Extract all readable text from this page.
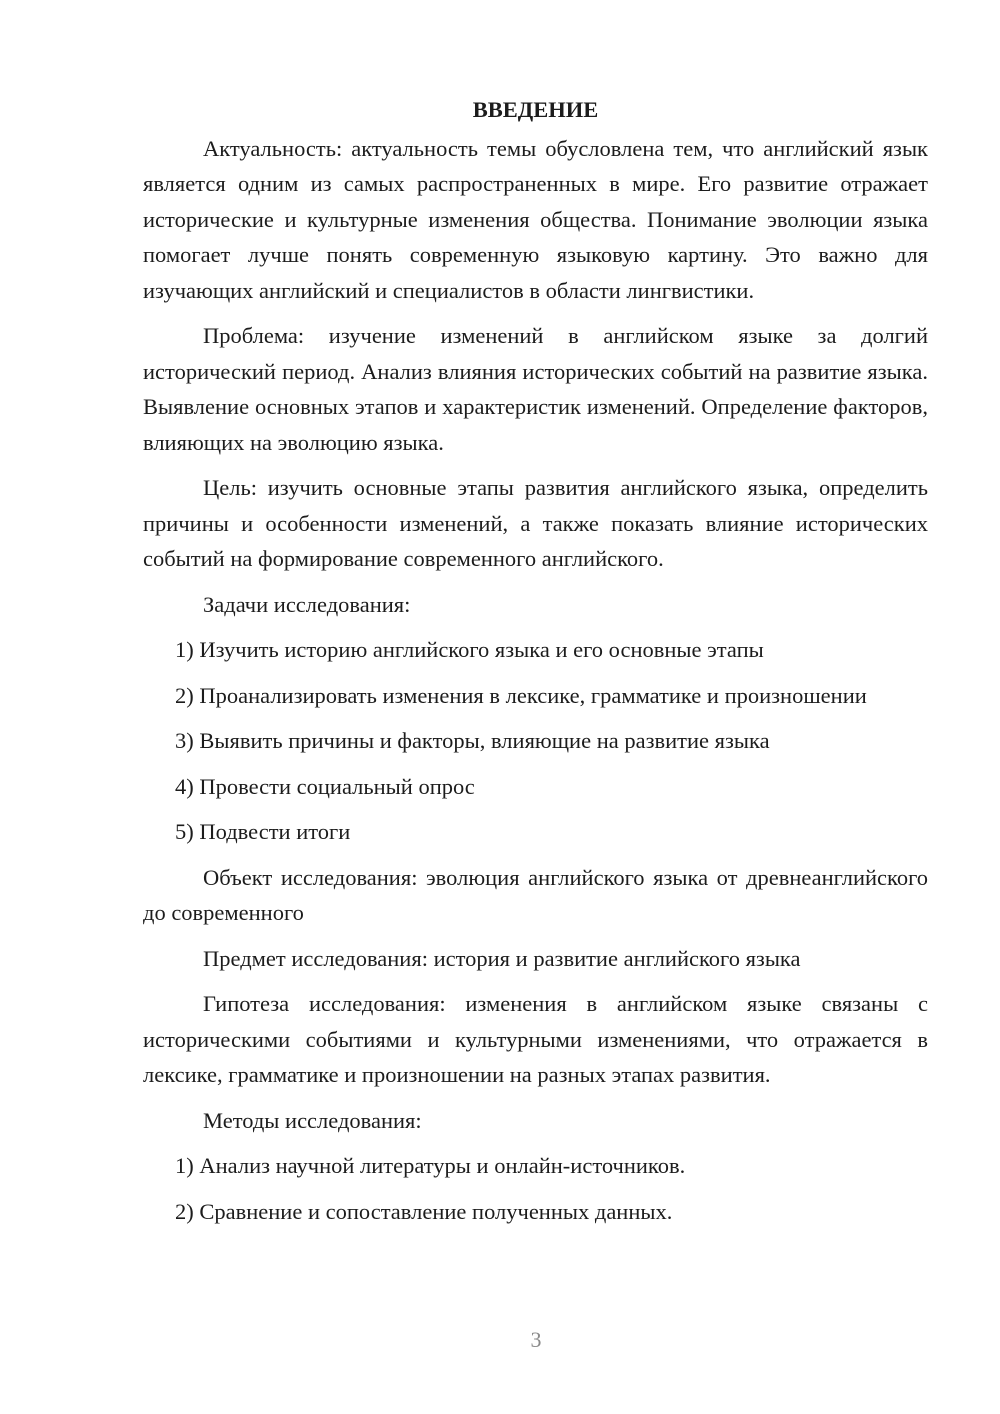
ВВЕДЕНИЕ

Актуальность: актуальность темы обусловлена тем, что английский язык является одним из самых распространенных в мире. Его развитие отражает исторические и культурные изменения общества. Понимание эволюции языка помогает лучше понять современную языковую картину. Это важно для изучающих английский и специалистов в области лингвистики.

Проблема: изучение изменений в английском языке за долгий исторический период. Анализ влияния исторических событий на развитие языка. Выявление основных этапов и характеристик изменений. Определение факторов, влияющих на эволюцию языка.

Цель: изучить основные этапы развития английского языка, определить причины и особенности изменений, а также показать влияние исторических событий на формирование современного английского.

Задачи исследования:

1) Изучить историю английского языка и его основные этапы

2) Проанализировать изменения в лексике, грамматике и произношении

3) Выявить причины и факторы, влияющие на развитие языка

4) Провести социальный опрос

5) Подвести итоги

Объект исследования: эволюция английского языка от древнеанглийского до современного

Предмет исследования: история и развитие английского языка

Гипотеза исследования: изменения в английском языке связаны с историческими событиями и культурными изменениями, что отражается в лексике, грамматике и произношении на разных этапах развития.

Методы исследования:

1) Анализ научной литературы и онлайн-источников.

2) Сравнение и сопоставление полученных данных.

3
